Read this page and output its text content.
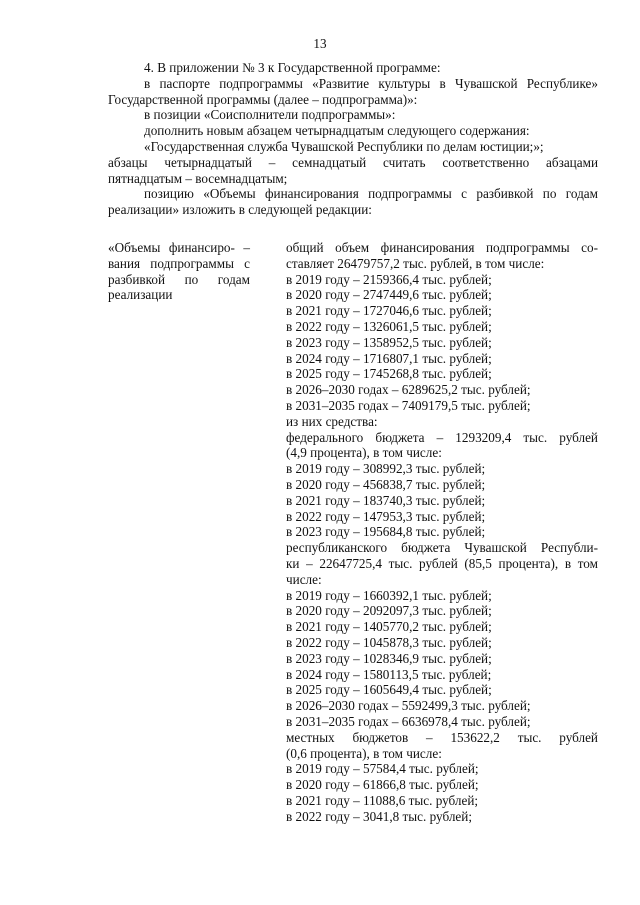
13

4. В приложении № 3 к Государственной программе:

в паспорте подпрограммы «Развитие культуры в Чувашской Республике»

Государственной программы (далее – подпрограмма)»:

в позиции «Соисполнители подпрограммы»:

дополнить новым абзацем четырнадцатым следующего содержания:

«Государственная служба Чувашской Республики по делам юстиции;»;

абзацы четырнадцатый – семнадцатый считать соответственно абзацами

пятнадцатым – восемнадцатым;

позицию «Объемы финансирования подпрограммы с разбивкой по годам

реализации» изложить в следующей редакции:

«Объемы финансиро- –
вания подпрограммы с
разбивкой по годам
реализации
общий объем финансирования подпрограммы со-
ставляет 26479757,2 тыс. рублей, в том числе:
в 2019 году – 2159366,4 тыс. рублей;
в 2020 году – 2747449,6 тыс. рублей;
в 2021 году – 1727046,6 тыс. рублей;
в 2022 году – 1326061,5 тыс. рублей;
в 2023 году – 1358952,5 тыс. рублей;
в 2024 году – 1716807,1 тыс. рублей;
в 2025 году – 1745268,8 тыс. рублей;
в 2026–2030 годах – 6289625,2 тыс. рублей;
в 2031–2035 годах – 7409179,5 тыс. рублей;
из них средства:
федерального бюджета – 1293209,4 тыс. рублей
(4,9 процента), в том числе:
в 2019 году – 308992,3 тыс. рублей;
в 2020 году – 456838,7 тыс. рублей;
в 2021 году – 183740,3 тыс. рублей;
в 2022 году – 147953,3 тыс. рублей;
в 2023 году – 195684,8 тыс. рублей;
республиканского бюджета Чувашской Республи-
ки – 22647725,4 тыс. рублей (85,5 процента), в том
числе:
в 2019 году – 1660392,1 тыс. рублей;
в 2020 году – 2092097,3 тыс. рублей;
в 2021 году – 1405770,2 тыс. рублей;
в 2022 году – 1045878,3 тыс. рублей;
в 2023 году – 1028346,9 тыс. рублей;
в 2024 году – 1580113,5 тыс. рублей;
в 2025 году – 1605649,4 тыс. рублей;
в 2026–2030 годах – 5592499,3 тыс. рублей;
в 2031–2035 годах – 6636978,4 тыс. рублей;
местных бюджетов – 153622,2 тыс. рублей
(0,6 процента), в том числе:
в 2019 году – 57584,4 тыс. рублей;
в 2020 году – 61866,8 тыс. рублей;
в 2021 году – 11088,6 тыс. рублей;
в 2022 году – 3041,8 тыс. рублей;
